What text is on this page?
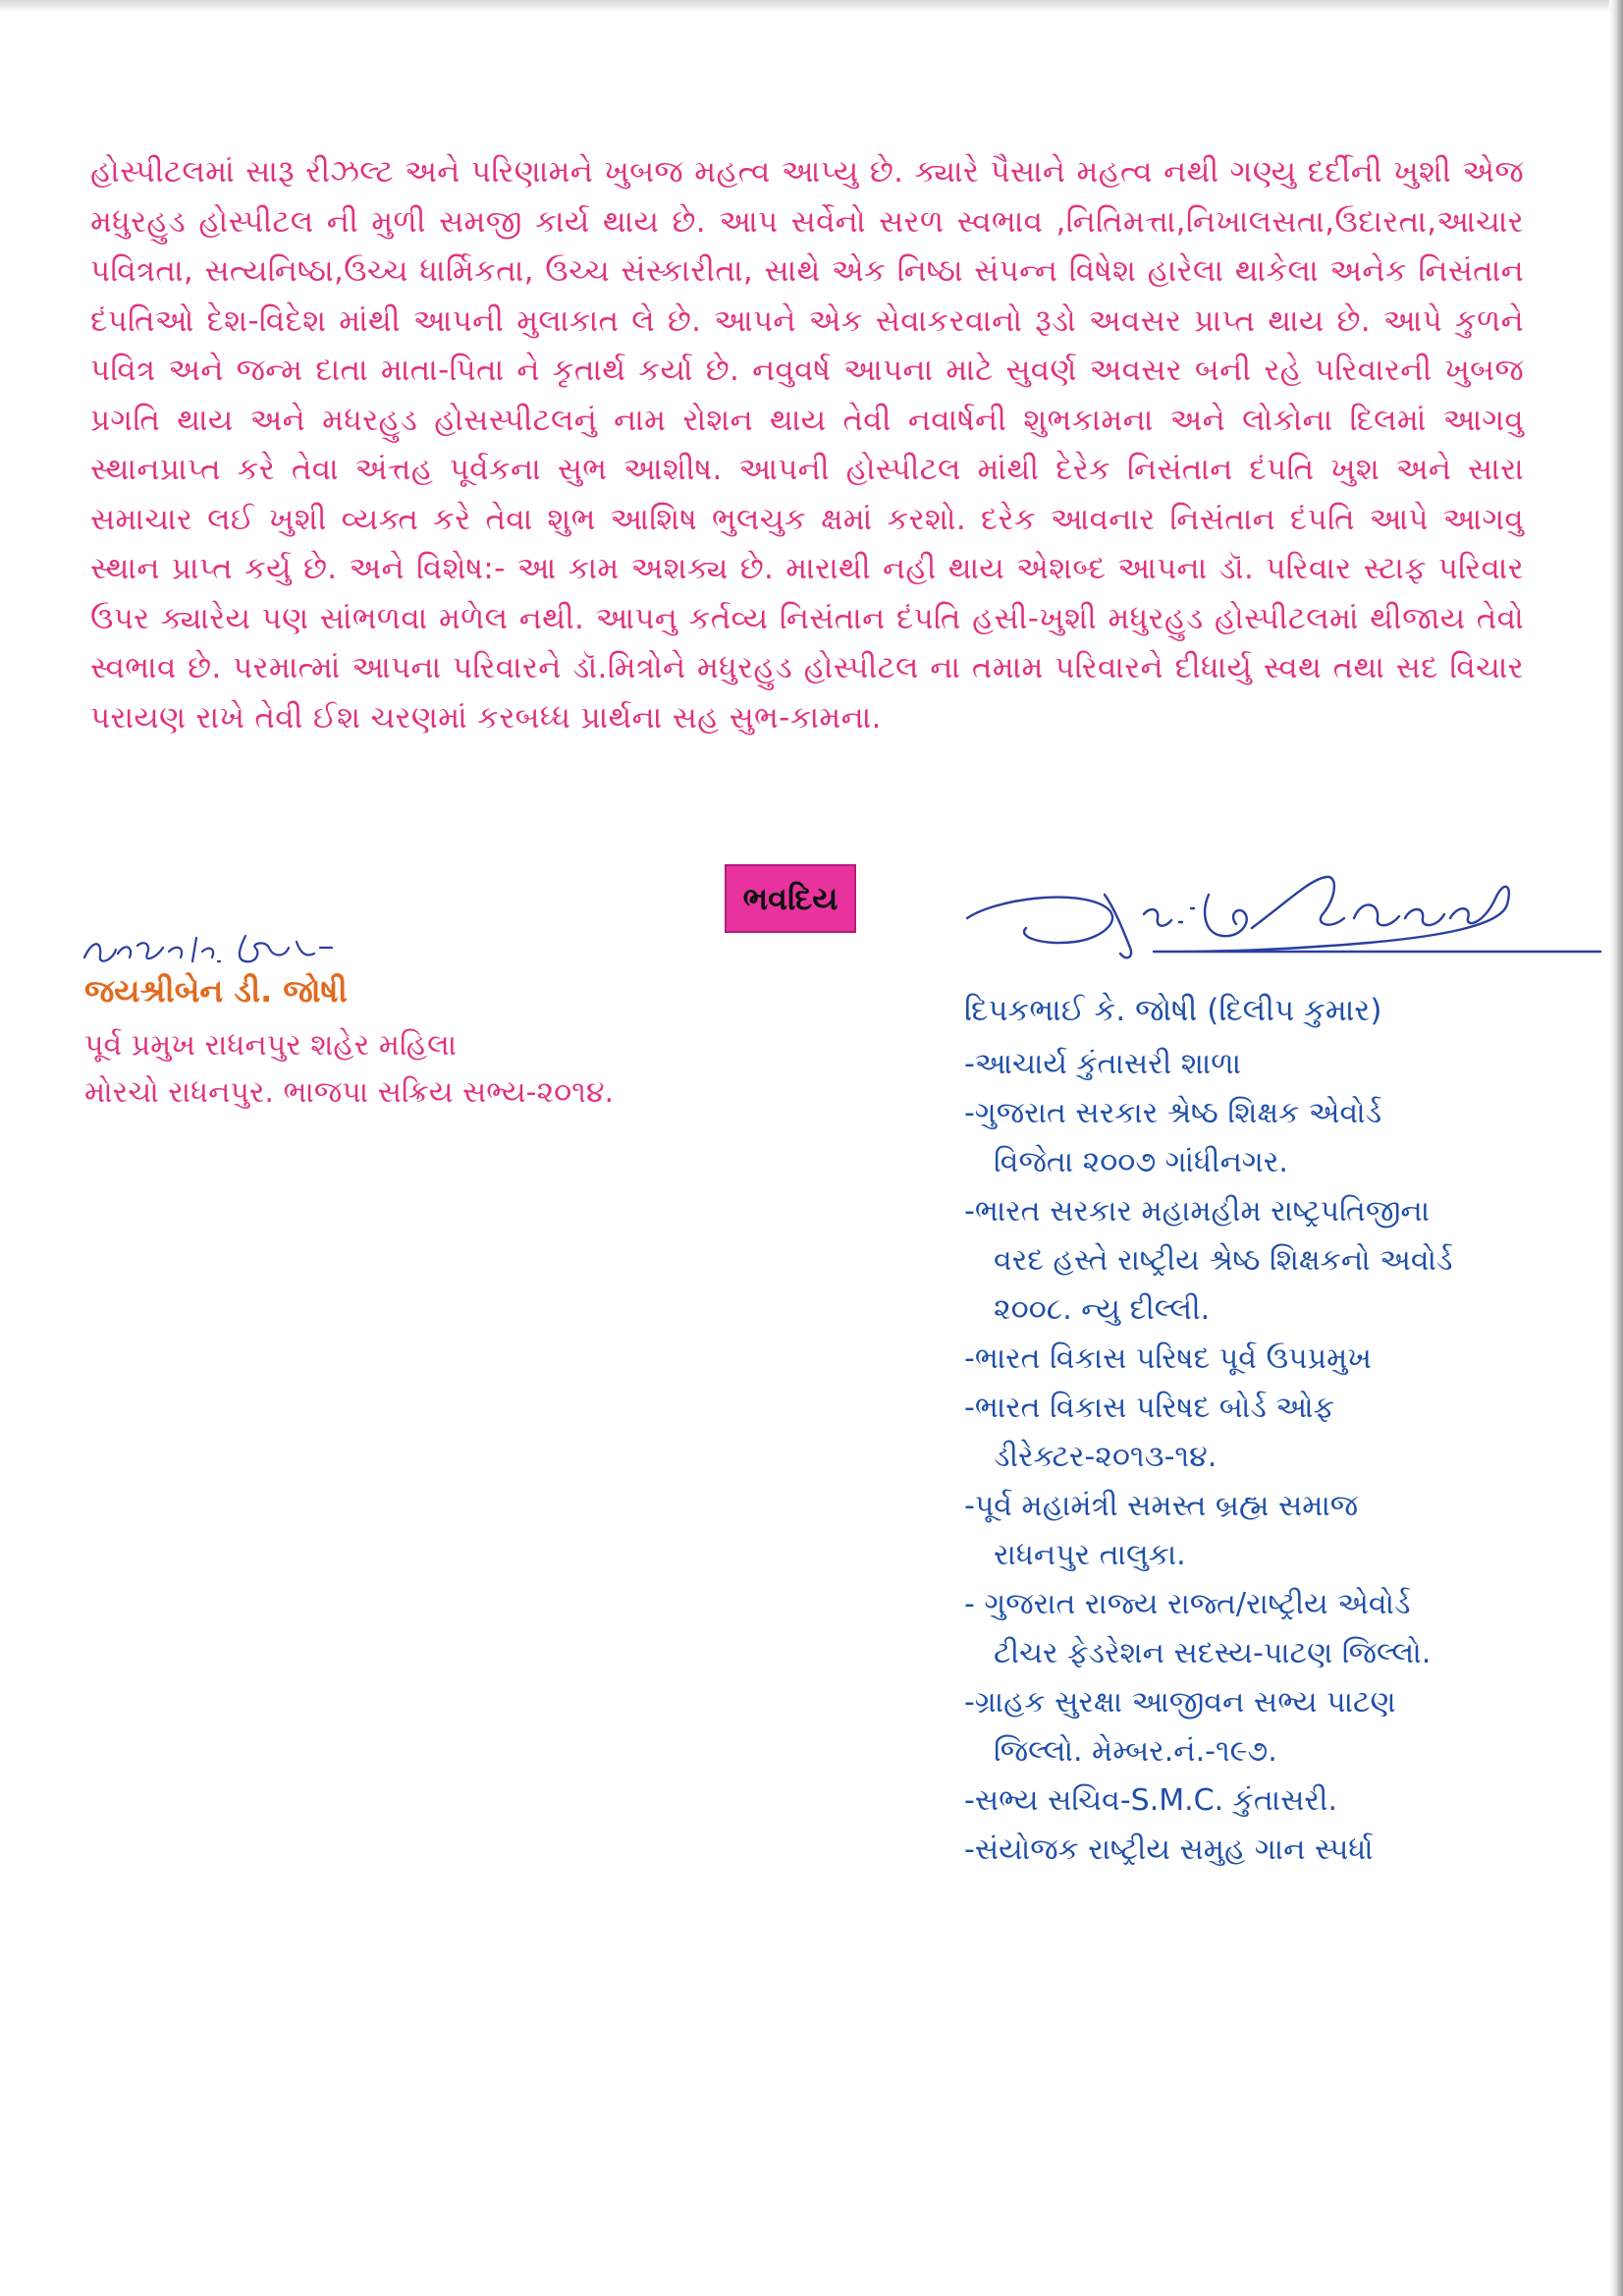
હોસ્પીટલમાં સારૂ રીઝલ્ટ અને પરિણામને ખુબજ મહત્વ આપ્યુ છે. ક્યારે પૈસાને મહત્વ નથી ગણ્યુ દર્દીની ખુશી એજ મધુરહુડ હોસ્પીટલ ની મુળી સમજી કાર્ય થાય છે. આપ સર્વેનો સરળ સ્વભાવ ,નિતિમત્તા,નિખાલસતા,ઉદારતા,આચાર પવિત્રતા, સત્યનિષ્ઠા,ઉચ્ચ ધાર્મિકતા, ઉચ્ચ સંસ્કારીતા, સાથે એક નિષ્ઠા સંપન્ન વિષેશ હારેલા થાકેલા અનેક નિસંતાન દંપતિઓ દેશ-વિદેશ માંથી આપની મુલાકાત લે છે. આપને એક સેવાકરવાનો રૂડો અવસર પ્રાપ્ત થાય છે. આપે કુળને પવિત્ર અને જન્મ દાતા માતા-પિતા ને કૃતાર્થ કર્યા છે. નવુવર્ષ આપના માટે સુવર્ણ અવસર બની રહે પરિવારની ખુબજ પ્રગતિ થાય અને મધરહુડ હોસસ્પીટલનું નામ રોશન થાય તેવી નવાર્ષની શુભકામના અને લોકોના દિલમાં આગવુ સ્થાનપ્રાપ્ત કરે તેવા અંત્તહ પૂર્વકના સુભ આશીષ. આપની હોસ્પીટલ માંથી દેરેક નિસંતાન દંપતિ ખુશ અને સારા સમાચાર લઈ ખુશી વ્યક્ત કરે તેવા શુભ આશિષ ભુલચુક ક્ષમાં કરશો. દરેક આવનાર નિસંતાન દંપતિ આપે આગવુ સ્થાન પ્રાપ્ત કર્યુ છે. અને વિશેષ:- આ કામ અશક્ય છે. મારાથી નહી થાય એશબ્દ આપના ડૉ. પરિવાર સ્ટાફ પરિવાર ઉપર ક્યારેય પણ સાંભળવા મળેલ નથી. આપનુ કર્તવ્ય નિસંતાન દંપતિ હસી-ખુશી મધુરહુડ હોસ્પીટલમાં થીજાય તેવો સ્વભાવ છે. પરમાત્માં આપના પરિવારને ડૉ.મિત્રોને મધુરહુડ હોસ્પીટલ ના તમામ પરિવારને દીધાર્યુ સ્વથ તથા સદ વિચાર પરાયણ રાખે તેવી ઈશ ચરણમાં કરબધ્ધ પ્રાર્થના સહ સુભ-કામના.

ભવદિય

જયશ્રીબેન ડી. જોષી

પૂર્વ પ્રમુખ રાધનપુર શહેર મહિલા

મોરચો રાધનપુર. ભાજપા સક્રિય સભ્ય-૨૦૧૪.

દિપકભાઈ કે. જોષી (દિલીપ કુમાર)

-આચાર્ય કુંતાસરી શાળા

-ગુજરાત સરકાર શ્રેષ્ઠ શિક્ષક એવોર્ડ

વિજેતા ૨૦૦૭ ગાંધીનગર.

-ભારત સરકાર મહામહીમ રાષ્ટ્રપતિજીના

વરદ હસ્તે રાષ્ટ્રીય શ્રેષ્ઠ શિક્ષકનો અવોર્ડ

૨૦૦૮. ન્યુ દીલ્લી.

-ભારત વિકાસ પરિષદ પૂર્વ ઉપપ્રમુખ

-ભારત વિકાસ પરિષદ બોર્ડ ઓફ

ડીરેક્ટર-૨૦૧૩-૧૪.

-પૂર્વ મહામંત્રી સમસ્ત બ્રહ્મ સમાજ

રાધનપુર તાલુકા.

- ગુજરાત રાજ્ય રાજ્ત/રાષ્ટ્રીય એવોર્ડ

ટીચર ફેડરેશન સદસ્ય-પાટણ જિલ્લો.

-ગ્રાહક સુરક્ષા આજીવન સભ્ય પાટણ

જિલ્લો. મેમ્બર.નં.-૧૯૭.

-સભ્ય સચિવ-S.M.C. કુંતાસરી.

-સંયોજક રાષ્ટ્રીય સમુહ ગાન સ્પર્ધા
